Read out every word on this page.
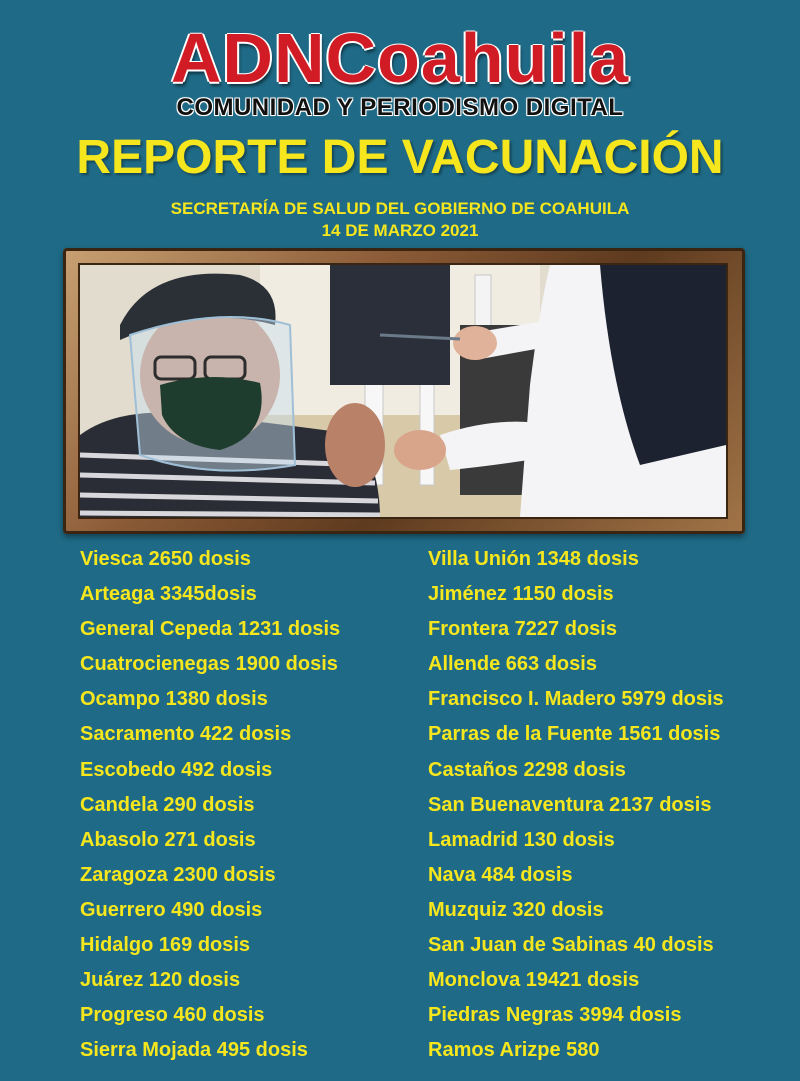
ADNCoahuila
COMUNIDAD Y PERIODISMO DIGITAL
REPORTE DE VACUNACIÓN
SECRETARÍA DE SALUD DEL GOBIERNO DE COAHUILA
14 DE MARZO 2021
Viesca 2650 dosis
Arteaga 3345dosis
General Cepeda 1231 dosis
Cuatrocienegas 1900 dosis
Ocampo 1380 dosis
Sacramento 422 dosis
Escobedo 492 dosis
Candela 290 dosis
Abasolo 271 dosis
Zaragoza 2300 dosis
Guerrero 490 dosis
Hidalgo 169 dosis
Juárez 120 dosis
Progreso 460 dosis
Sierra Mojada 495 dosis
Villa Unión 1348 dosis
Jiménez 1150 dosis
Frontera 7227 dosis
Allende 663 dosis
Francisco I. Madero 5979 dosis
Parras de la Fuente 1561 dosis
Castaños 2298 dosis
San Buenaventura 2137 dosis
Lamadrid 130 dosis
Nava 484 dosis
Muzquiz 320 dosis
San Juan de Sabinas 40 dosis
Monclova 19421 dosis
Piedras Negras 3994 dosis
Ramos Arizpe 580
